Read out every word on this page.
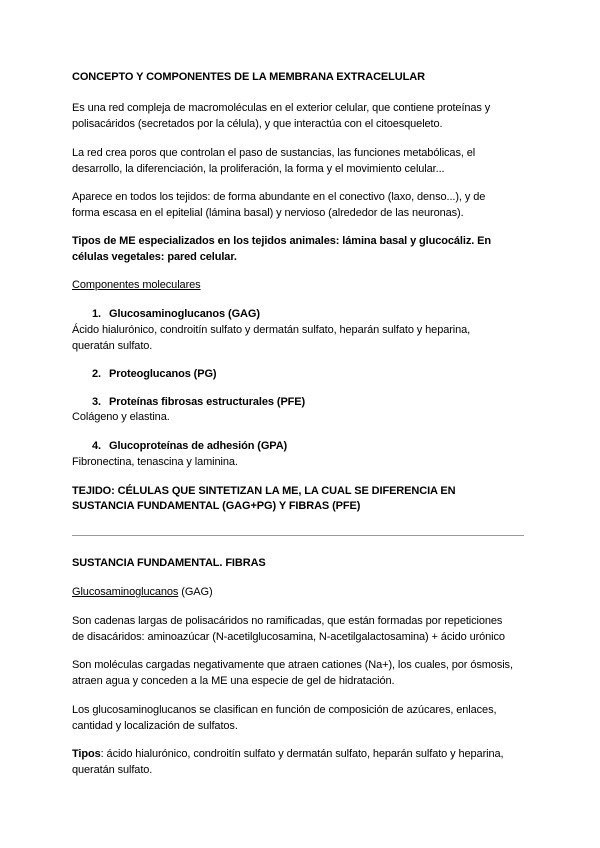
CONCEPTO Y COMPONENTES DE LA MEMBRANA EXTRACELULAR
Es una red compleja de macromoléculas en el exterior celular, que contiene proteínas y
polisacáridos (secretados por la célula), y que interactúa con el citoesqueleto.
La red crea poros que controlan el paso de sustancias, las funciones metabólicas, el
desarrollo, la diferenciación, la proliferación, la forma y el movimiento celular...
Aparece en todos los tejidos: de forma abundante en el conectivo (laxo, denso...), y de
forma escasa en el epitelial (lámina basal) y nervioso (alrededor de las neuronas).
Tipos de ME especializados en los tejidos animales: lámina basal y glucocáliz. En
células vegetales: pared celular.
Componentes moleculares
1. Glucosaminoglucanos (GAG)
Ácido hialurónico, condroitín sulfato y dermatán sulfato, heparán sulfato y heparina,
queratán sulfato.
2. Proteoglucanos (PG)
3. Proteínas fibrosas estructurales (PFE)
Colágeno y elastina.
4. Glucoproteínas de adhesión (GPA)
Fibronectina, tenascina y laminina.
TEJIDO: CÉLULAS QUE SINTETIZAN LA ME, LA CUAL SE DIFERENCIA EN
SUSTANCIA FUNDAMENTAL (GAG+PG) Y FIBRAS (PFE)
SUSTANCIA FUNDAMENTAL. FIBRAS
Glucosaminoglucanos (GAG)
Son cadenas largas de polisacáridos no ramificadas, que están formadas por repeticiones
de disacáridos: aminoazúcar (N-acetilglucosamina, N-acetilgalactosamina) + ácido urónico
Son moléculas cargadas negativamente que atraen cationes (Na+), los cuales, por ósmosis,
atraen agua y conceden a la ME una especie de gel de hidratación.
Los glucosaminoglucanos se clasifican en función de composición de azúcares, enlaces,
cantidad y localización de sulfatos.
Tipos: ácido hialurónico, condroitín sulfato y dermatán sulfato, heparán sulfato y heparina,
queratán sulfato.
